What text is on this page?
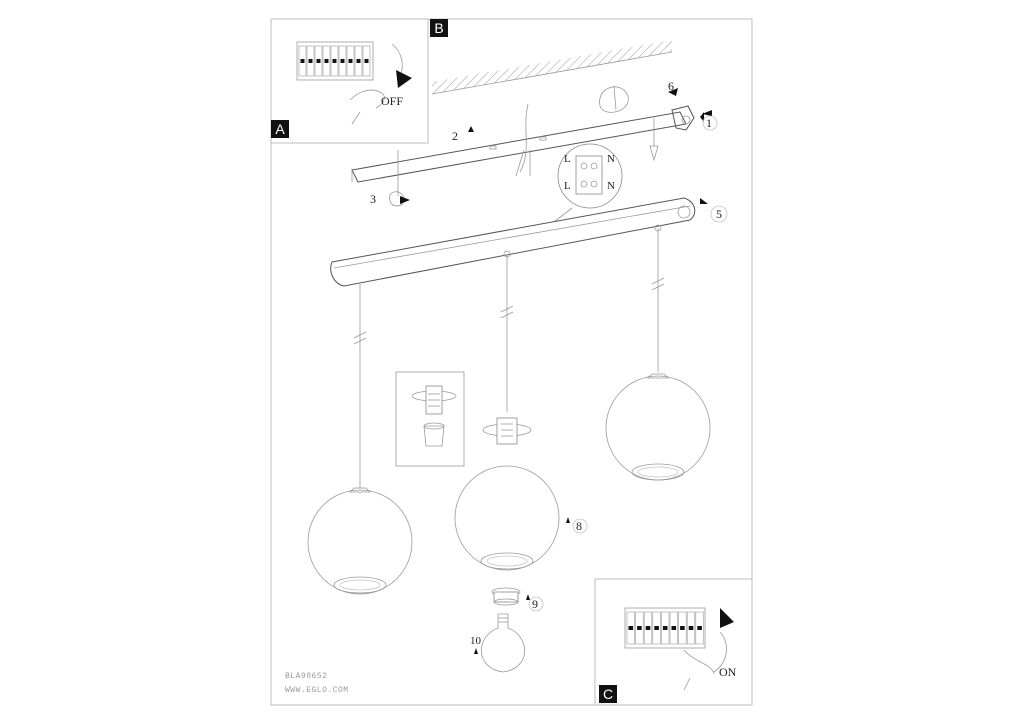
B
A
OFF
1
2
3
5
6
8
9
10
L	N
L	N
BLA98652
WWW.EGLO.COM	C
ON
